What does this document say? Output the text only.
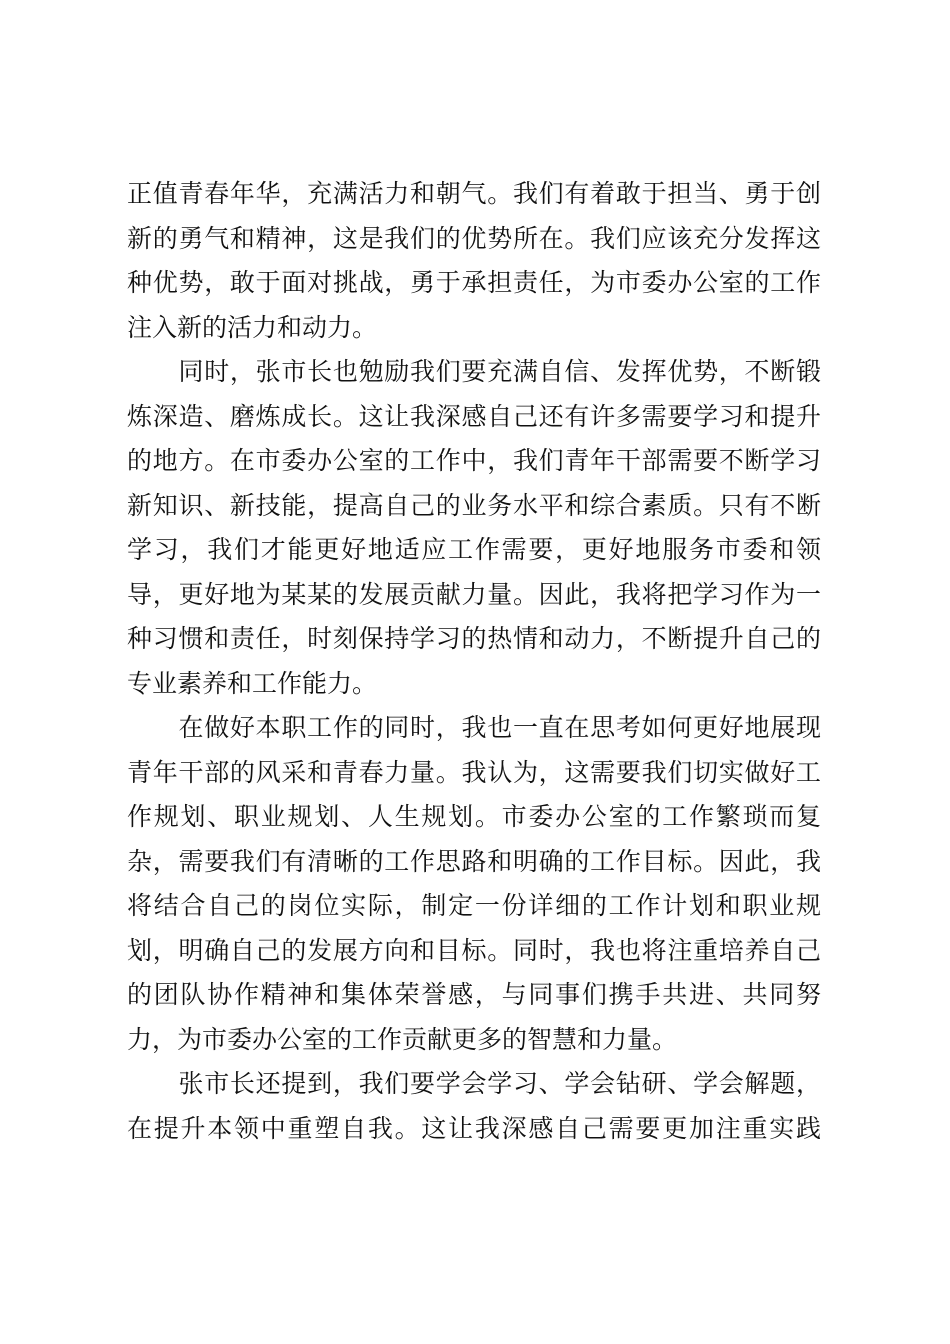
正值青春年华，充满活力和朝气。我们有着敢于担当、勇于创
新的勇气和精神，这是我们的优势所在。我们应该充分发挥这
种优势，敢于面对挑战，勇于承担责任，为市委办公室的工作
注入新的活力和动力。
　　同时，张市长也勉励我们要充满自信、发挥优势，不断锻
炼深造、磨炼成长。这让我深感自己还有许多需要学习和提升
的地方。在市委办公室的工作中，我们青年干部需要不断学习
新知识、新技能，提高自己的业务水平和综合素质。只有不断
学习，我们才能更好地适应工作需要，更好地服务市委和领
导，更好地为某某的发展贡献力量。因此，我将把学习作为一
种习惯和责任，时刻保持学习的热情和动力，不断提升自己的
专业素养和工作能力。
　　在做好本职工作的同时，我也一直在思考如何更好地展现
青年干部的风采和青春力量。我认为，这需要我们切实做好工
作规划、职业规划、人生规划。市委办公室的工作繁琐而复
杂，需要我们有清晰的工作思路和明确的工作目标。因此，我
将结合自己的岗位实际，制定一份详细的工作计划和职业规
划，明确自己的发展方向和目标。同时，我也将注重培养自己
的团队协作精神和集体荣誉感，与同事们携手共进、共同努
力，为市委办公室的工作贡献更多的智慧和力量。
　　张市长还提到，我们要学会学习、学会钻研、学会解题，
在提升本领中重塑自我。这让我深感自己需要更加注重实践
